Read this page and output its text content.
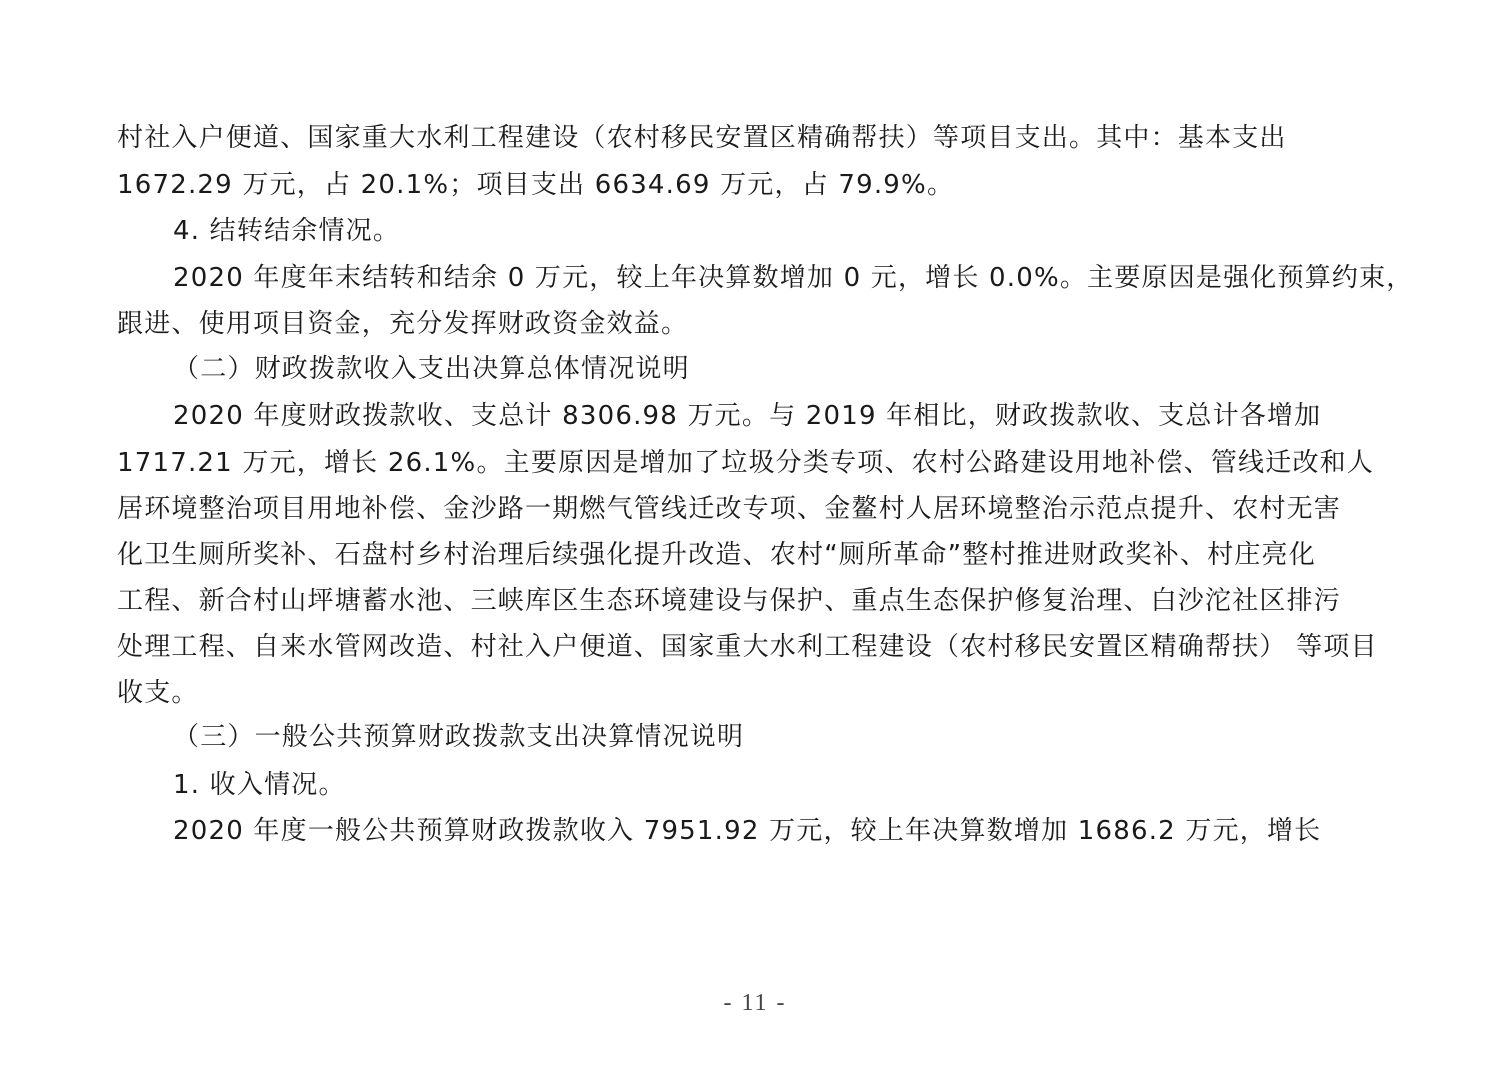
村社入户便道、国家重大水利工程建设（农村移民安置区精确帮扶）等项目支出。其中：基本支出
1672.29 万元，占 20.1%；项目支出 6634.69 万元，占 79.9%。
4. 结转结余情况。
2020 年度年末结转和结余 0 万元，较上年决算数增加 0 元，增长 0.0%。主要原因是强化预算约束，
跟进、使用项目资金，充分发挥财政资金效益。
（二）财政拨款收入支出决算总体情况说明
2020 年度财政拨款收、支总计 8306.98 万元。与 2019 年相比，财政拨款收、支总计各增加
1717.21 万元，增长 26.1%。主要原因是增加了垃圾分类专项、农村公路建设用地补偿、管线迁改和人
居环境整治项目用地补偿、金沙路一期燃气管线迁改专项、金鳌村人居环境整治示范点提升、农村无害
化卫生厕所奖补、石盘村乡村治理后续强化提升改造、农村“厕所革命”整村推进财政奖补、村庄亮化
工程、新合村山坪塘蓄水池、三峡库区生态环境建设与保护、重点生态保护修复治理、白沙沱社区排污
处理工程、自来水管网改造、村社入户便道、国家重大水利工程建设（农村移民安置区精确帮扶） 等项目
收支。
（三）一般公共预算财政拨款支出决算情况说明
1. 收入情况。
2020 年度一般公共预算财政拨款收入 7951.92 万元，较上年决算数增加 1686.2 万元，增长
- 11 -
